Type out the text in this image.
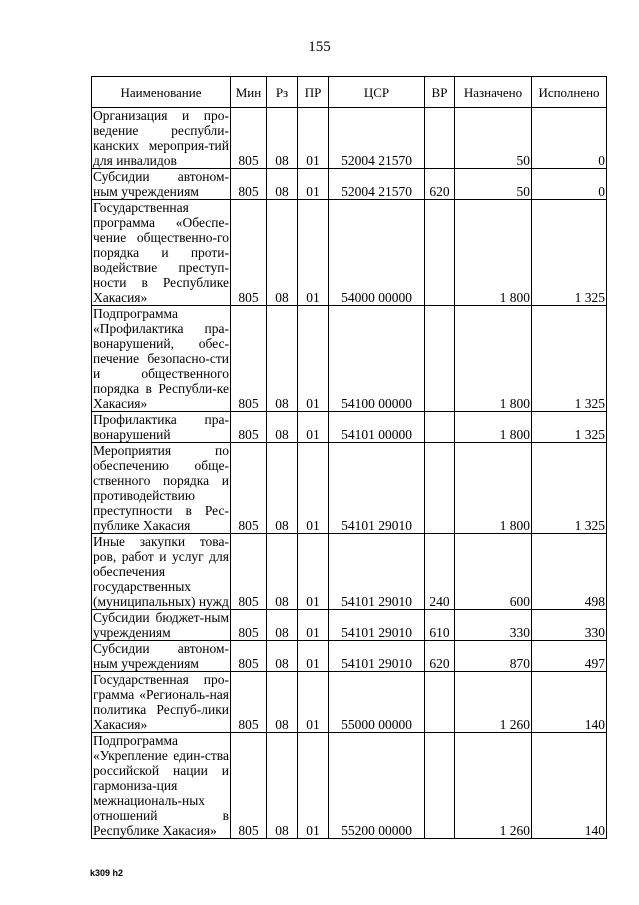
155
Наименование	Мин	Рз	ПР	ЦСР	ВР	Назначено	Исполнено
Организация и про-ведение республи-канских мероприя-тий для инвалидов	805	08	01	52004 21570		50	0
Субсидии автоном-ным учреждениям	805	08	01	52004 21570	620	50	0
Государственная программа «Обеспе-чение общественно-го порядка и проти-водействие преступ-ности в Республике Хакасия»	805	08	01	54000 00000		1 800	1 325
Подпрограмма «Профилактика пра-вонарушений, обес-печение безопасно-сти и общественного порядка в Республи-ке Хакасия»	805	08	01	54100 00000		1 800	1 325
Профилактика пра-вонарушений	805	08	01	54101 00000		1 800	1 325
Мероприятия по обеспечению обще-ственного порядка и противодействию преступности в Рес-публике Хакасия	805	08	01	54101 29010		1 800	1 325
Иные закупки това-ров, работ и услуг для обеспечения государственных (муниципальных) нужд	805	08	01	54101 29010	240	600	498
Субсидии бюджет-ным учреждениям	805	08	01	54101 29010	610	330	330
Субсидии автоном-ным учреждениям	805	08	01	54101 29010	620	870	497
Государственная про-грамма «Региональ-ная политика Респуб-лики Хакасия»	805	08	01	55000 00000		1 260	140
Подпрограмма «Укрепление един-ства российской нации и гармониза-ция межнациональ-ных отношений в Республике Хакасия»	805	08	01	55200 00000		1 260	140
k309 h2
